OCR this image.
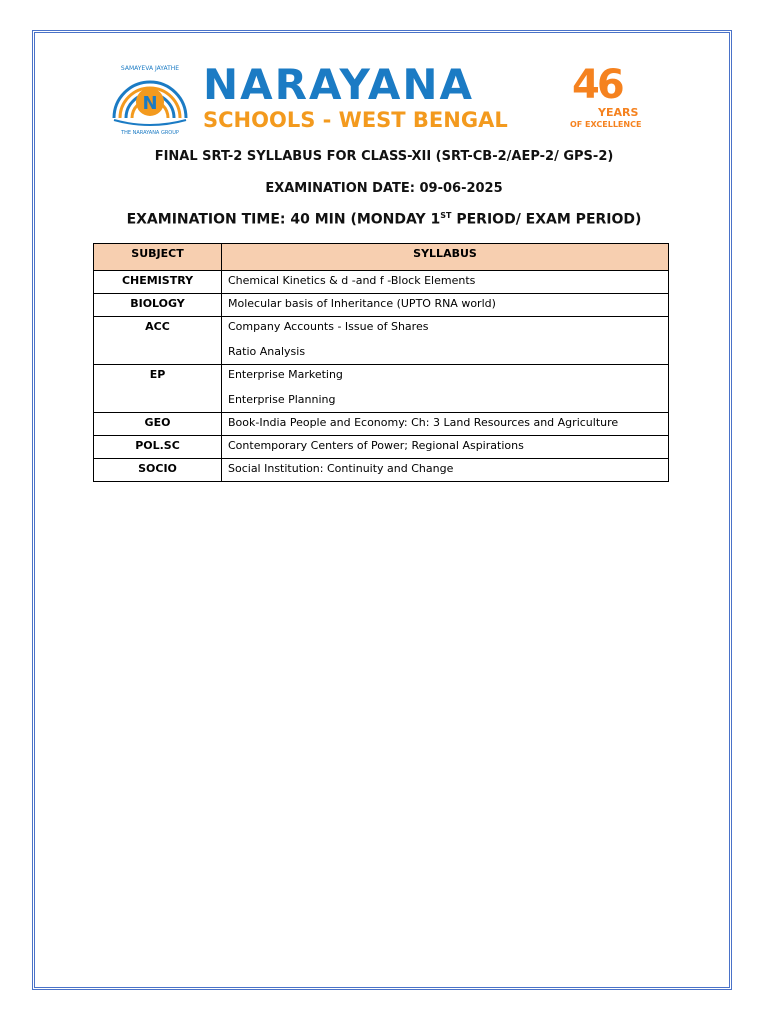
N
SAMAYEVA JAYATHE
THE NARAYANA GROUP
NARAYANA
SCHOOLS - WEST BENGAL
46
YEARS
OF EXCELLENCE
FINAL SRT-2 SYLLABUS FOR CLASS-XII (SRT-CB-2/AEP-2/ GPS-2)
EXAMINATION DATE: 09-06-2025
EXAMINATION TIME: 40 MIN (MONDAY 1ST PERIOD/ EXAM PERIOD)
SUBJECT	SYLLABUS
CHEMISTRY	Chemical Kinetics & d -and f -Block Elements

BIOLOGY	Molecular basis of Inheritance (UPTO RNA world)

ACC	Company Accounts - Issue of Shares
Ratio Analysis

EP	Enterprise Marketing
Enterprise Planning

GEO	Book-India People and Economy: Ch: 3 Land Resources and Agriculture

POL.SC	Contemporary Centers of Power; Regional Aspirations

SOCIO	Social Institution: Continuity and Change
